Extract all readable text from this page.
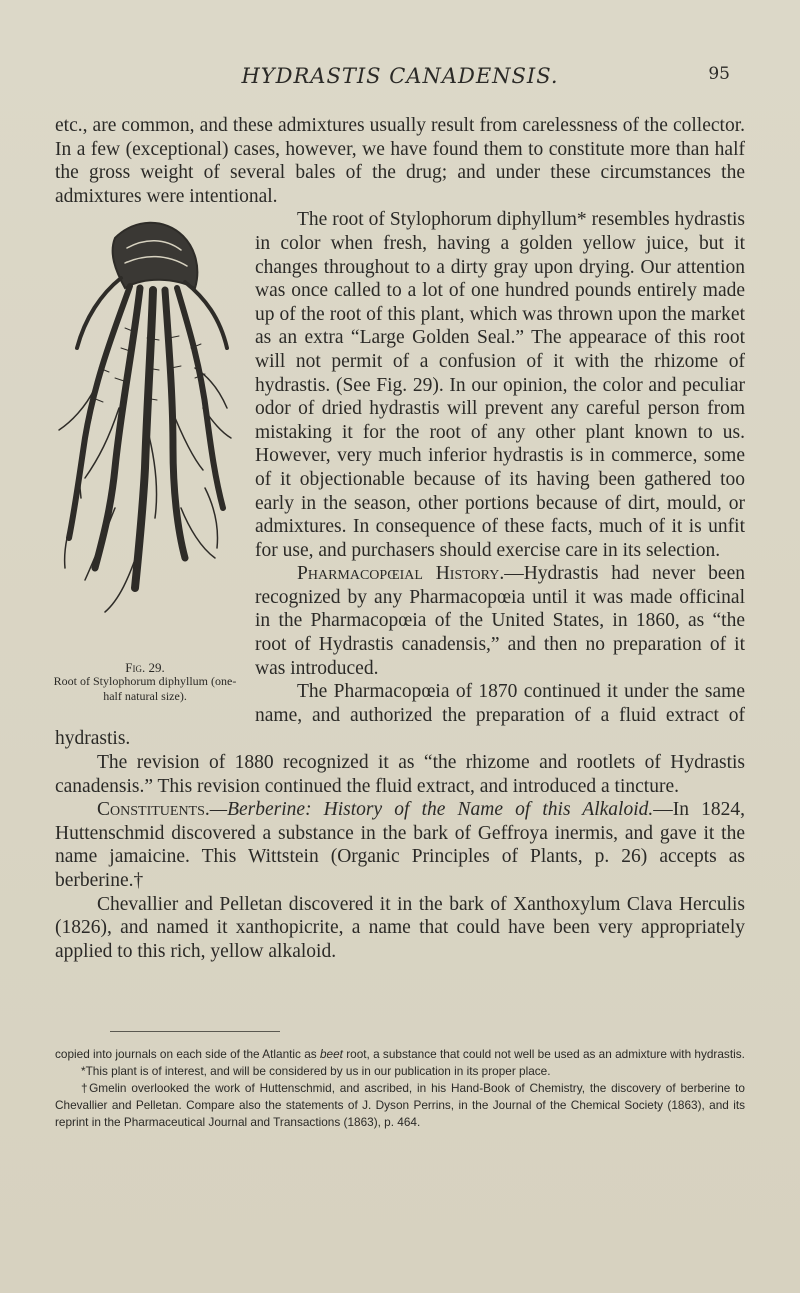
HYDRASTIS CANADENSIS.	95

etc., are common, and these admixtures usually result from carelessness of the collector. In a few (exceptional) cases, however, we have found them to constitute more than half the gross weight of several bales of the drug; and under these circumstances the admixtures were intentional.

Fig. 29.
Root of Stylophorum diphyllum (one-half natural size).

The root of Stylophorum diphyllum* resembles hydrastis in color when fresh, having a golden yellow juice, but it changes throughout to a dirty gray upon drying. Our attention was once called to a lot of one hundred pounds entirely made up of the root of this plant, which was thrown upon the market as an extra “Large Golden Seal.” The appearace of this root will not permit of a confusion of it with the rhizome of hydrastis. (See Fig. 29). In our opinion, the color and peculiar odor of dried hydrastis will prevent any careful person from mistaking it for the root of any other plant known to us. However, very much inferior hydrastis is in commerce, some of it objectionable because of its having been gathered too early in the season, other portions because of dirt, mould, or admixtures. In consequence of these facts, much of it is unfit for use, and purchasers should exercise care in its selection.

Pharmacopœial History.—Hydrastis had never been recognized by any Pharmacopœia until it was made officinal in the Pharmacopœia of the United States, in 1860, as “the root of Hydrastis canadensis,” and then no preparation of it was introduced.

The Pharmacopœia of 1870 continued it under the same name, and authorized the preparation of a fluid extract of hydrastis.

The revision of 1880 recognized it as “the rhizome and rootlets of Hydrastis canadensis.” This revision continued the fluid extract, and introduced a tincture.

Constituents.—Berberine: History of the Name of this Alkaloid.—In 1824, Huttenschmid discovered a substance in the bark of Geffroya inermis, and gave it the name jamaicine. This Wittstein (Organic Principles of Plants, p. 26) accepts as berberine.†

Chevallier and Pelletan discovered it in the bark of Xanthoxylum Clava Herculis (1826), and named it xanthopicrite, a name that could have been very appropriately applied to this rich, yellow alkaloid.

copied into journals on each side of the Atlantic as beet root, a substance that could not well be used as an admixture with hydrastis.

*This plant is of interest, and will be considered by us in our publication in its proper place.

†Gmelin overlooked the work of Huttenschmid, and ascribed, in his Hand-Book of Chemistry, the discovery of berberine to Chevallier and Pelletan. Compare also the statements of J. Dyson Perrins, in the Journal of the Chemical Society (1863), and its reprint in the Pharmaceutical Journal and Transactions (1863), p. 464.
